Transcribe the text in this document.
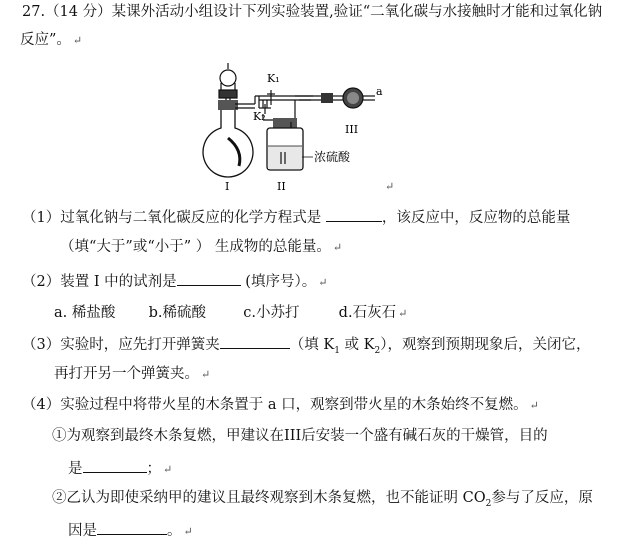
27.（14 分）某课外活动小组设计下列实验装置,验证“二氧化碳与水接触时才能和过氧化钠
反应”。 ↵
K₁
K₂
浓硫酸
a
I	II
III
↵
（1）过氧化钠与二氧化碳反应的化学方程式是	，该反应中，反应物的总能量
（填“大于”或“小于” ） 生成物的总能量。 ↵
（2）装置 I 中的试剂是	(填序号）。 ↵
a. 稀盐酸 b.稀硫酸	c.小苏打	d.石灰石 ↵
（3）实验时，应先打开弹簧夹	（填 $K_1$ 或 $K_2$），观察到预期现象后，关闭它，
再打开另一个弹簧夹。 ↵
（4）实验过程中将带火星的木条置于 a 口，观察到带火星的木条始终不复燃。 ↵
①为观察到最终木条复燃，甲建议在III后安装一个盛有碱石灰的干燥管，目的
是	； ↵
②乙认为即使采纳甲的建议且最终观察到木条复燃，也不能证明 $CO_2$参与了反应，原
因是	。 ↵
